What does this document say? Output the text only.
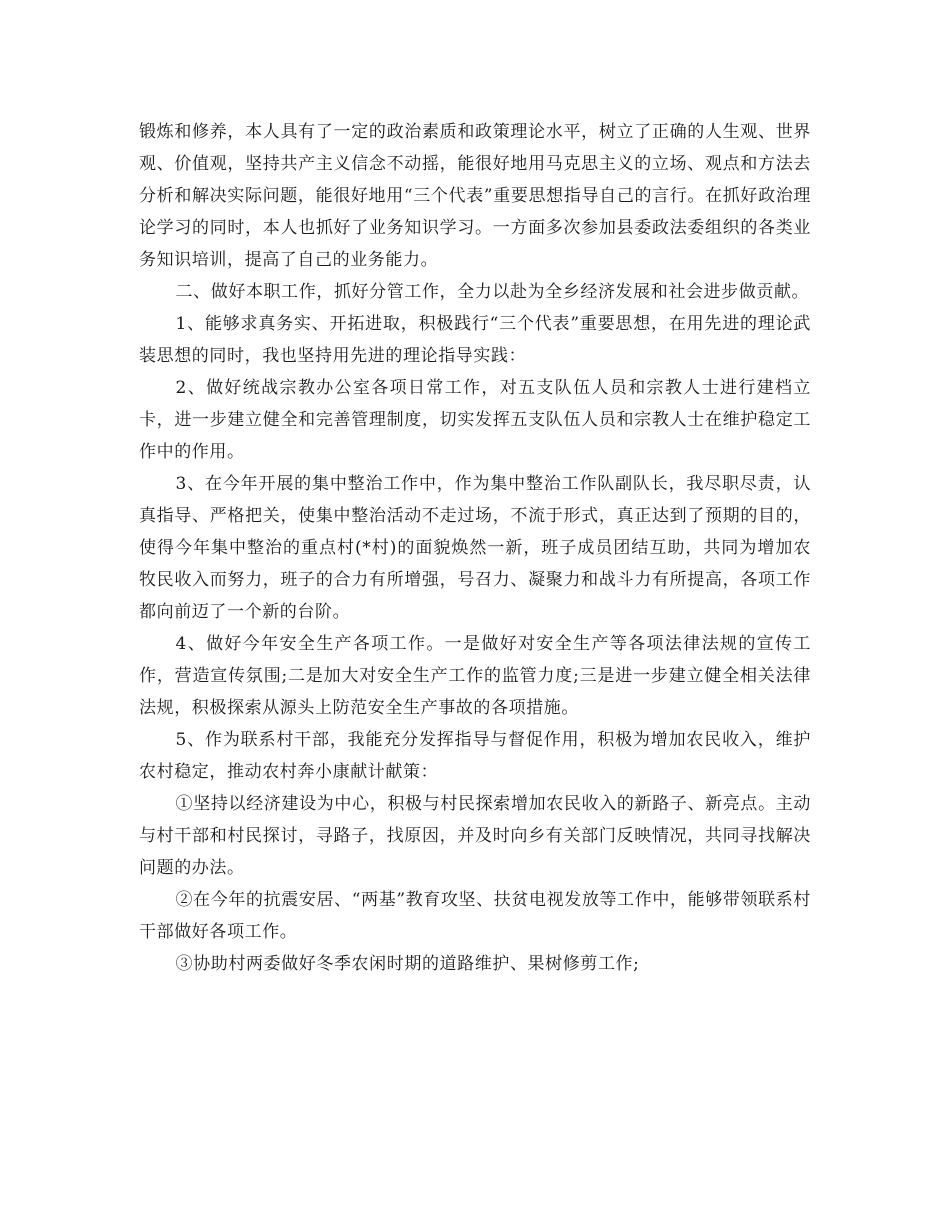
锻炼和修养，本人具有了一定的政治素质和政策理论水平，树立了正确的人生观、世界观、价值观，坚持共产主义信念不动摇，能很好地用马克思主义的立场、观点和方法去分析和解决实际问题，能很好地用“三个代表”重要思想指导自己的言行。在抓好政治理论学习的同时，本人也抓好了业务知识学习。一方面多次参加县委政法委组织的各类业务知识培训，提高了自己的业务能力。

二、做好本职工作，抓好分管工作，全力以赴为全乡经济发展和社会进步做贡献。

1、能够求真务实、开拓进取，积极践行“三个代表”重要思想，在用先进的理论武装思想的同时，我也坚持用先进的理论指导实践：

2、做好统战宗教办公室各项日常工作，对五支队伍人员和宗教人士进行建档立卡，进一步建立健全和完善管理制度，切实发挥五支队伍人员和宗教人士在维护稳定工作中的作用。

3、在今年开展的集中整治工作中，作为集中整治工作队副队长，我尽职尽责，认真指导、严格把关，使集中整治活动不走过场，不流于形式，真正达到了预期的目的，使得今年集中整治的重点村(*村)的面貌焕然一新，班子成员团结互助，共同为增加农牧民收入而努力，班子的合力有所增强，号召力、凝聚力和战斗力有所提高，各项工作都向前迈了一个新的台阶。

4、做好今年安全生产各项工作。一是做好对安全生产等各项法律法规的宣传工作，营造宣传氛围;二是加大对安全生产工作的监管力度;三是进一步建立健全相关法律法规，积极探索从源头上防范安全生产事故的各项措施。

5、作为联系村干部，我能充分发挥指导与督促作用，积极为增加农民收入，维护农村稳定，推动农村奔小康献计献策：

①坚持以经济建设为中心，积极与村民探索增加农民收入的新路子、新亮点。主动与村干部和村民探讨，寻路子，找原因，并及时向乡有关部门反映情况，共同寻找解决问题的办法。

②在今年的抗震安居、“两基”教育攻坚、扶贫电视发放等工作中，能够带领联系村干部做好各项工作。

③协助村两委做好冬季农闲时期的道路维护、果树修剪工作;
